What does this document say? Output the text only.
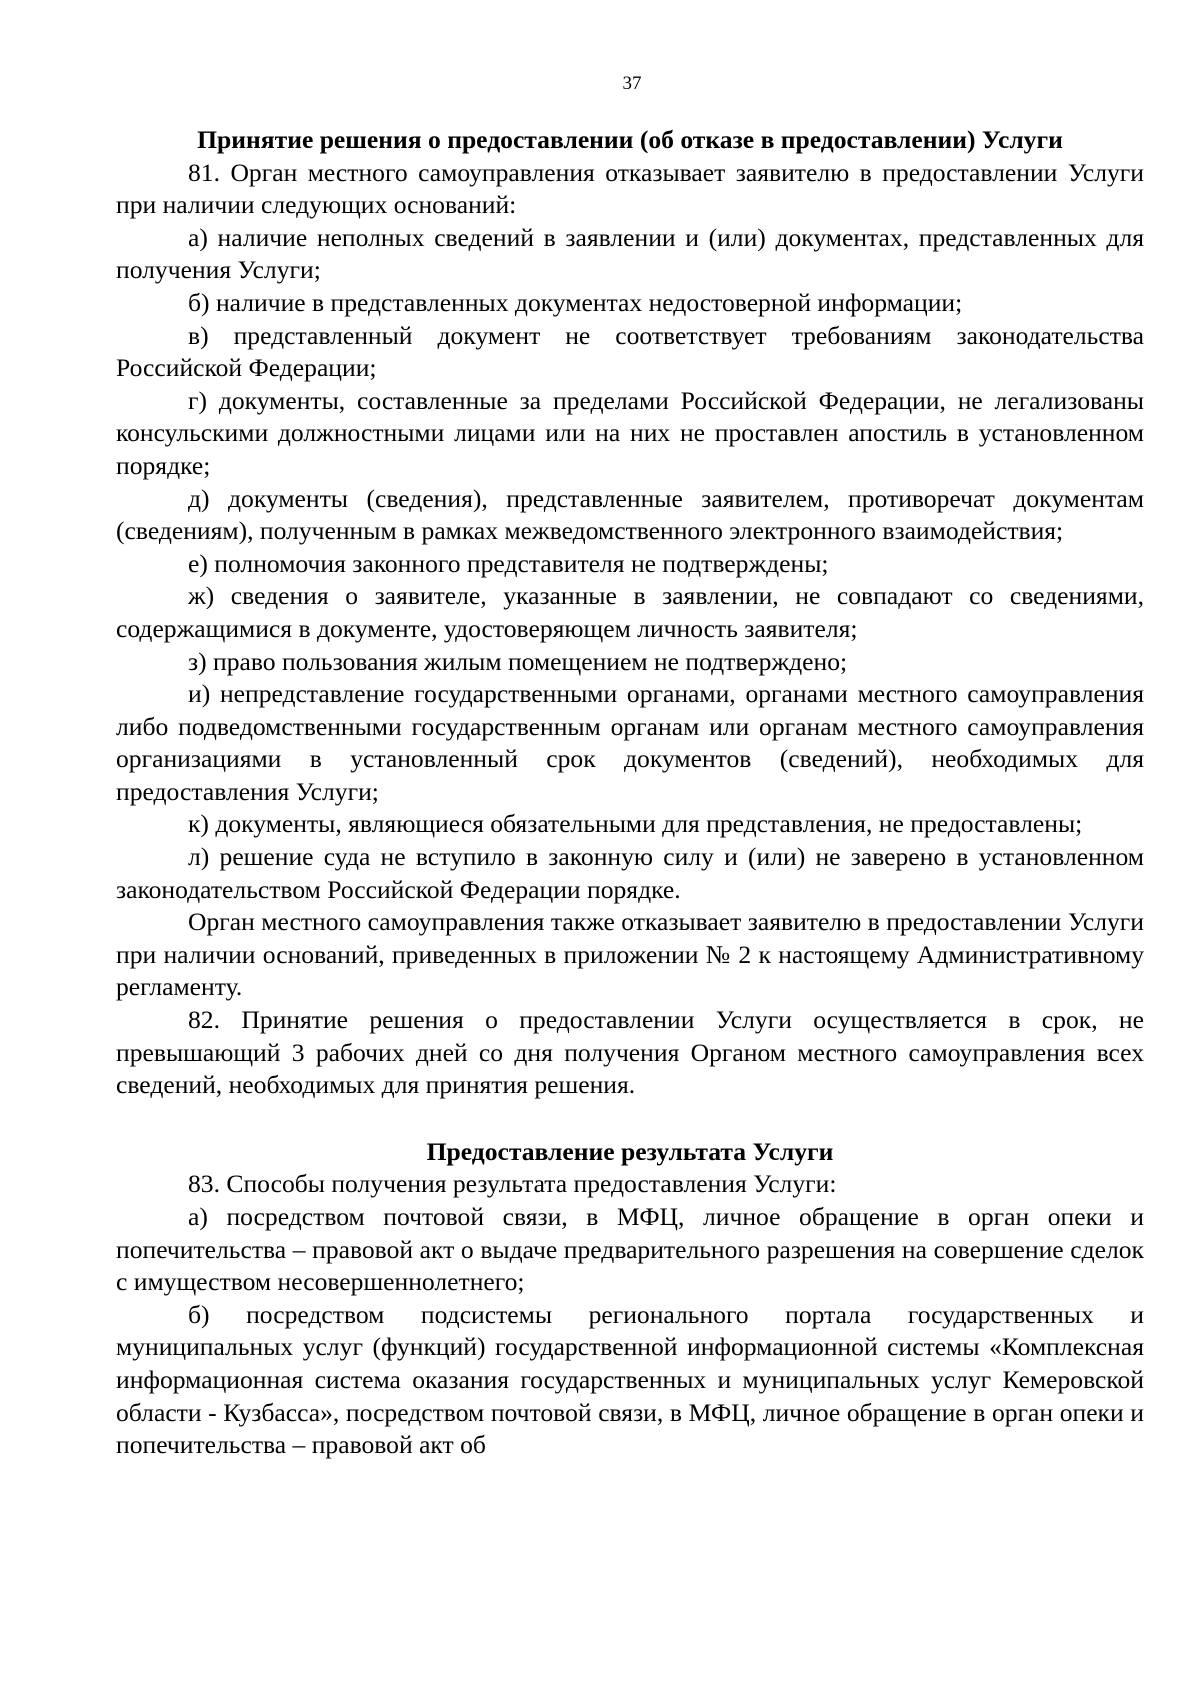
37

Принятие решения о предоставлении (об отказе в предоставлении) Услуги

81. Орган местного самоуправления отказывает заявителю в предоставлении Услуги при наличии следующих оснований:

а) наличие неполных сведений в заявлении и (или) документах, представленных для получения Услуги;

б) наличие в представленных документах недостоверной информации;

в) представленный документ не соответствует требованиям законодательства Российской Федерации;

г) документы, составленные за пределами Российской Федерации, не легализованы консульскими должностными лицами или на них не проставлен апостиль в установленном порядке;

д) документы (сведения), представленные заявителем, противоречат документам (сведениям), полученным в рамках межведомственного электронного взаимодействия;

е) полномочия законного представителя не подтверждены;

ж) сведения о заявителе, указанные в заявлении, не совпадают со сведениями, содержащимися в документе, удостоверяющем личность заявителя;

з) право пользования жилым помещением не подтверждено;

и) непредставление государственными органами, органами местного самоуправления либо подведомственными государственным органам или органам местного самоуправления организациями в установленный срок документов (сведений), необходимых для предоставления Услуги;

к) документы, являющиеся обязательными для представления, не предоставлены;

л) решение суда не вступило в законную силу и (или) не заверено в установленном законодательством Российской Федерации порядке.

Орган местного самоуправления также отказывает заявителю в предоставлении Услуги при наличии оснований, приведенных в приложении № 2 к настоящему Административному регламенту.

82. Принятие решения о предоставлении Услуги осуществляется в срок, не превышающий 3 рабочих дней со дня получения Органом местного самоуправления всех сведений, необходимых для принятия решения.

Предоставление результата Услуги

83. Способы получения результата предоставления Услуги:

а) посредством почтовой связи, в МФЦ, личное обращение в орган опеки и попечительства – правовой акт о выдаче предварительного разрешения на совершение сделок с имуществом несовершеннолетнего;

б) посредством подсистемы регионального портала государственных и муниципальных услуг (функций) государственной информационной системы «Комплексная информационная система оказания государственных и муниципальных услуг Кемеровской области - Кузбасса», посредством почтовой связи, в МФЦ, личное обращение в орган опеки и попечительства – правовой акт об
